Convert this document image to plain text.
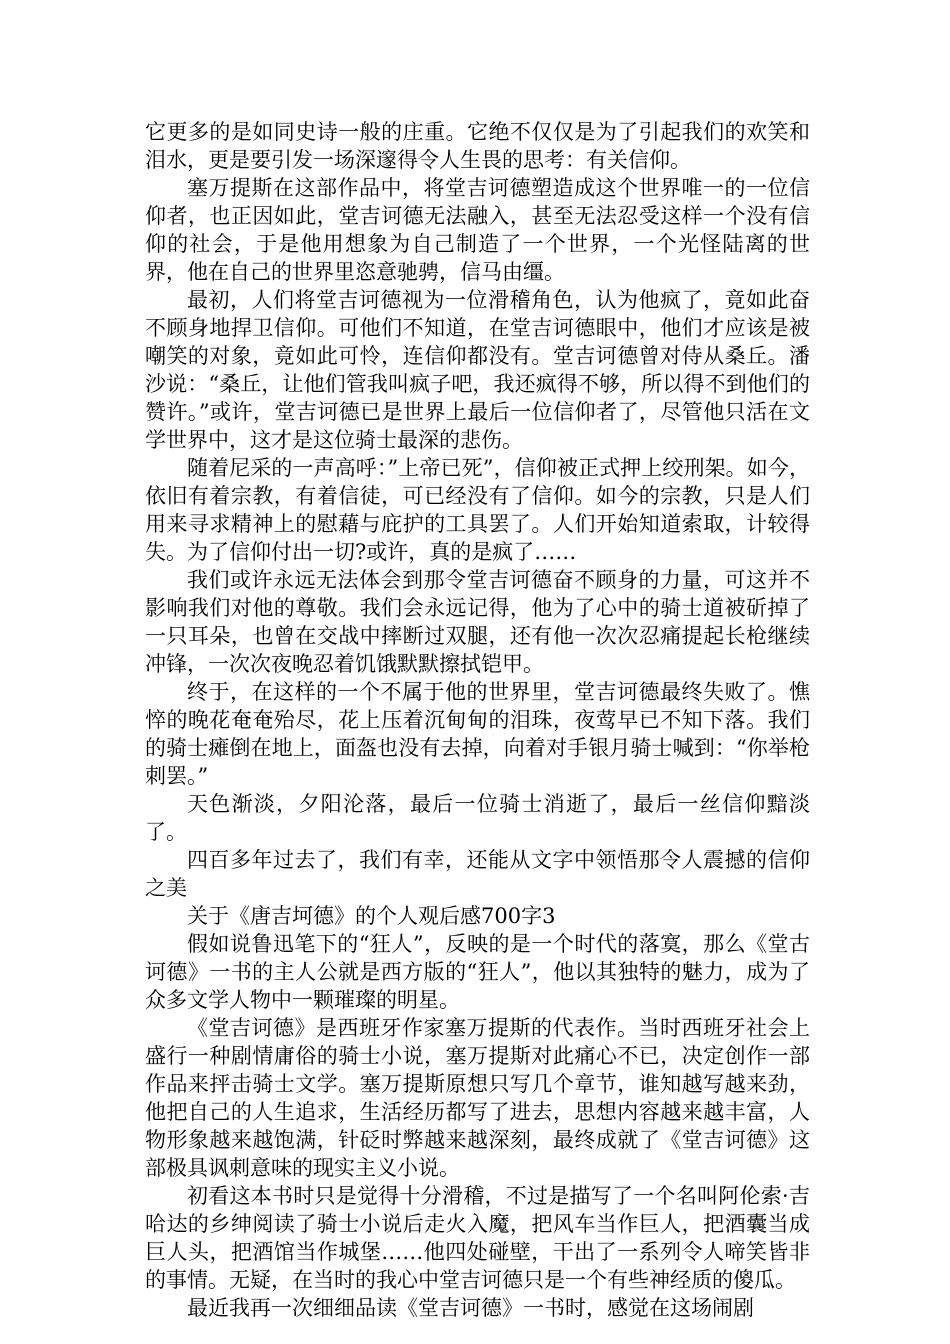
它更多的是如同史诗一般的庄重。它绝不仅仅是为了引起我们的欢笑和泪水，更是要引发一场深邃得令人生畏的思考：有关信仰。

塞万提斯在这部作品中，将堂吉诃德塑造成这个世界唯一的一位信仰者，也正因如此，堂吉诃德无法融入，甚至无法忍受这样一个没有信仰的社会，于是他用想象为自己制造了一个世界，一个光怪陆离的世界，他在自己的世界里恣意驰骋，信马由缰。

最初，人们将堂吉诃德视为一位滑稽角色，认为他疯了，竟如此奋不顾身地捍卫信仰。可他们不知道，在堂吉诃德眼中，他们才应该是被嘲笑的对象，竟如此可怜，连信仰都没有。堂吉诃德曾对侍从桑丘。潘沙说：“桑丘，让他们管我叫疯子吧，我还疯得不够，所以得不到他们的赞许。”或许，堂吉诃德已是世界上最后一位信仰者了，尽管他只活在文学世界中，这才是这位骑士最深的悲伤。

随着尼采的一声高呼：”上帝已死”，信仰被正式押上绞刑架。如今，依旧有着宗教，有着信徒，可已经没有了信仰。如今的宗教，只是人们用来寻求精神上的慰藉与庇护的工具罢了。人们开始知道索取，计较得失。为了信仰付出一切?或许，真的是疯了……

我们或许永远无法体会到那令堂吉诃德奋不顾身的力量，可这并不影响我们对他的尊敬。我们会永远记得，他为了心中的骑士道被斫掉了一只耳朵，也曾在交战中摔断过双腿，还有他一次次忍痛提起长枪继续冲锋，一次次夜晚忍着饥饿默默擦拭铠甲。

终于，在这样的一个不属于他的世界里，堂吉诃德最终失败了。憔悴的晚花奄奄殆尽，花上压着沉甸甸的泪珠，夜莺早已不知下落。我们的骑士瘫倒在地上，面盔也没有去掉，向着对手银月骑士喊到：“你举枪刺罢。”

天色渐淡，夕阳沦落，最后一位骑士消逝了，最后一丝信仰黯淡了。

四百多年过去了，我们有幸，还能从文字中领悟那令人震撼的信仰之美

关于《唐吉坷德》的个人观后感700字3

假如说鲁迅笔下的“狂人”，反映的是一个时代的落寞，那么《堂古诃德》一书的主人公就是西方版的“狂人”，他以其独特的魅力，成为了众多文学人物中一颗璀璨的明星。

《堂吉诃德》是西班牙作家塞万提斯的代表作。当时西班牙社会上盛行一种剧情庸俗的骑士小说，塞万提斯对此痛心不已，决定创作一部作品来抨击骑士文学。塞万提斯原想只写几个章节，谁知越写越来劲，他把自己的人生追求，生活经历都写了进去，思想内容越来越丰富，人物形象越来越饱满，针砭时弊越来越深刻，最终成就了《堂吉诃德》这部极具讽刺意味的现实主义小说。

初看这本书时只是觉得十分滑稽，不过是描写了一个名叫阿伦索·吉哈达的乡绅阅读了骑士小说后走火入魔，把风车当作巨人，把酒囊当成巨人头，把酒馆当作城堡……他四处碰壁，干出了一系列令人啼笑皆非的事情。无疑，在当时的我心中堂吉诃德只是一个有些神经质的傻瓜。

最近我再一次细细品读《堂吉诃德》一书时，感觉在这场闹剧
